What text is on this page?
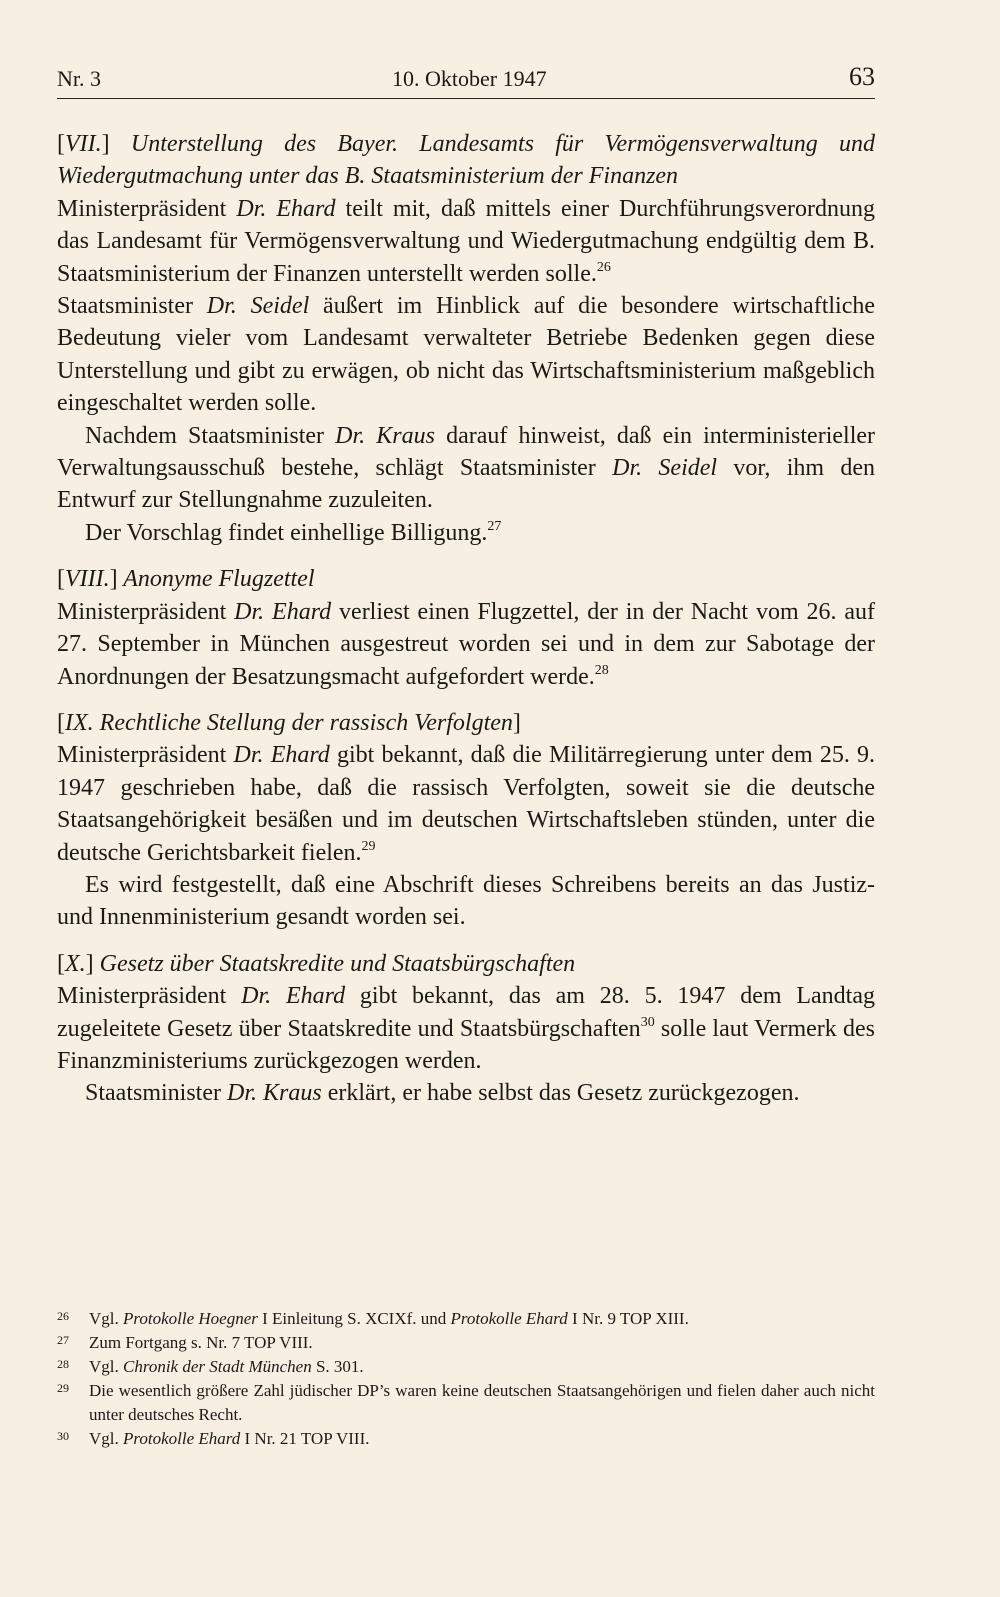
Nr. 3	10. Oktober 1947	63

[VII.] Unterstellung des Bayer. Landesamts für Vermögensverwaltung und Wiedergutmachung unter das B. Staatsministerium der Finanzen

Ministerpräsident Dr. Ehard teilt mit, daß mittels einer Durchführungsverordnung das Landesamt für Vermögensverwaltung und Wiedergutmachung endgültig dem B. Staatsministerium der Finanzen unterstellt werden solle.$^{26}$

Staatsminister Dr. Seidel äußert im Hinblick auf die besondere wirtschaftliche Bedeutung vieler vom Landesamt verwalteter Betriebe Bedenken gegen diese Unterstellung und gibt zu erwägen, ob nicht das Wirtschaftsministerium maßgeblich eingeschaltet werden solle.

Nachdem Staatsminister Dr. Kraus darauf hinweist, daß ein interministerieller Verwaltungsausschuß bestehe, schlägt Staatsminister Dr. Seidel vor, ihm den Entwurf zur Stellungnahme zuzuleiten.

Der Vorschlag findet einhellige Billigung.$^{27}$

[VIII.] Anonyme Flugzettel

Ministerpräsident Dr. Ehard verliest einen Flugzettel, der in der Nacht vom 26. auf 27. September in München ausgestreut worden sei und in dem zur Sabotage der Anordnungen der Besatzungsmacht aufgefordert werde.$^{28}$

[IX. Rechtliche Stellung der rassisch Verfolgten]

Ministerpräsident Dr. Ehard gibt bekannt, daß die Militärregierung unter dem 25. 9. 1947 geschrieben habe, daß die rassisch Verfolgten, soweit sie die deutsche Staatsangehörigkeit besäßen und im deutschen Wirtschaftsleben stünden, unter die deutsche Gerichtsbarkeit fielen.$^{29}$

Es wird festgestellt, daß eine Abschrift dieses Schreibens bereits an das Justiz- und Innenministerium gesandt worden sei.

[X.] Gesetz über Staatskredite und Staatsbürgschaften

Ministerpräsident Dr. Ehard gibt bekannt, das am 28. 5. 1947 dem Landtag zugeleitete Gesetz über Staatskredite und Staatsbürgschaften$^{30}$ solle laut Vermerk des Finanzministeriums zurückgezogen werden.

Staatsminister Dr. Kraus erklärt, er habe selbst das Gesetz zurückgezogen.

26 Vgl. Protokolle Hoegner I Einleitung S. XCIXf. und Protokolle Ehard I Nr. 9 TOP XIII.
27 Zum Fortgang s. Nr. 7 TOP VIII.
28 Vgl. Chronik der Stadt München S. 301.
29 Die wesentlich größere Zahl jüdischer DP’s waren keine deutschen Staatsangehörigen und fielen daher auch nicht unter deutsches Recht.
30 Vgl. Protokolle Ehard I Nr. 21 TOP VIII.
